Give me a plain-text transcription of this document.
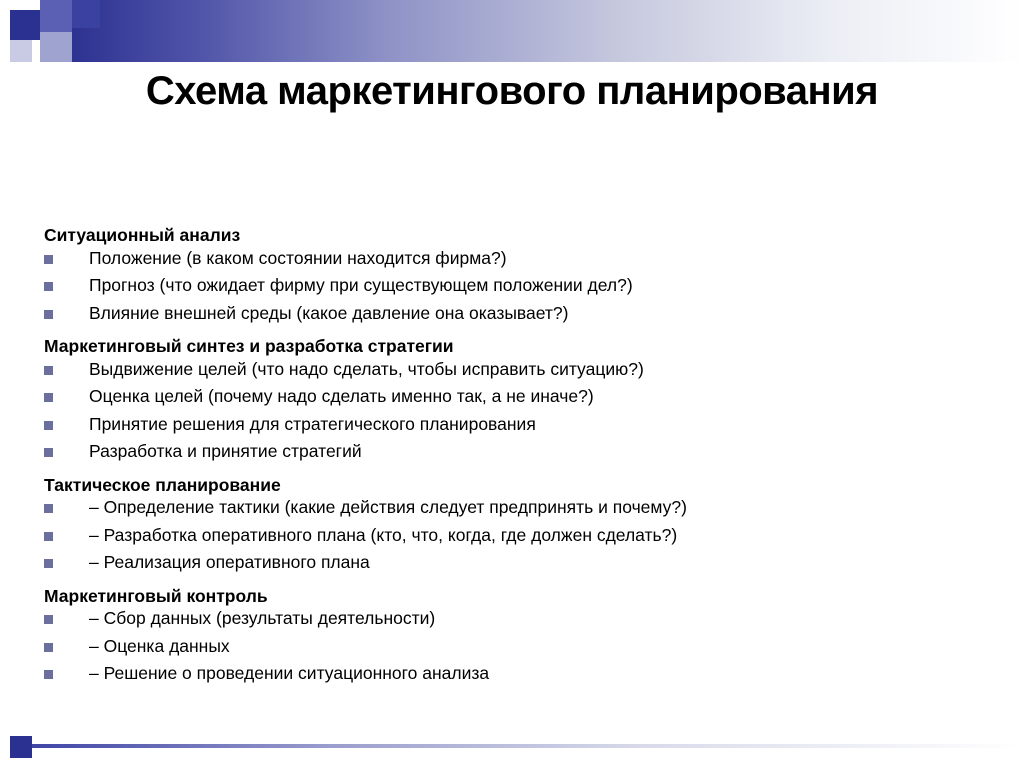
Схема маркетингового планирования
Ситуационный анализ
Положение (в каком состоянии находится фирма?)
Прогноз (что ожидает фирму при существующем положении дел?)
Влияние внешней среды (какое давление она оказывает?)
Маркетинговый синтез и разработка стратегии
Выдвижение целей (что надо сделать, чтобы исправить ситуацию?)
Оценка целей (почему надо сделать именно так, а не иначе?)
Принятие решения для стратегического планирования
Разработка и принятие стратегий
Тактическое планирование
– Определение тактики (какие действия следует предпринять и почему?)
– Разработка оперативного плана (кто, что, когда, где должен сделать?)
– Реализация оперативного плана
Маркетинговый контроль
– Сбор данных (результаты деятельности)
– Оценка данных
– Решение о проведении ситуационного анализа
